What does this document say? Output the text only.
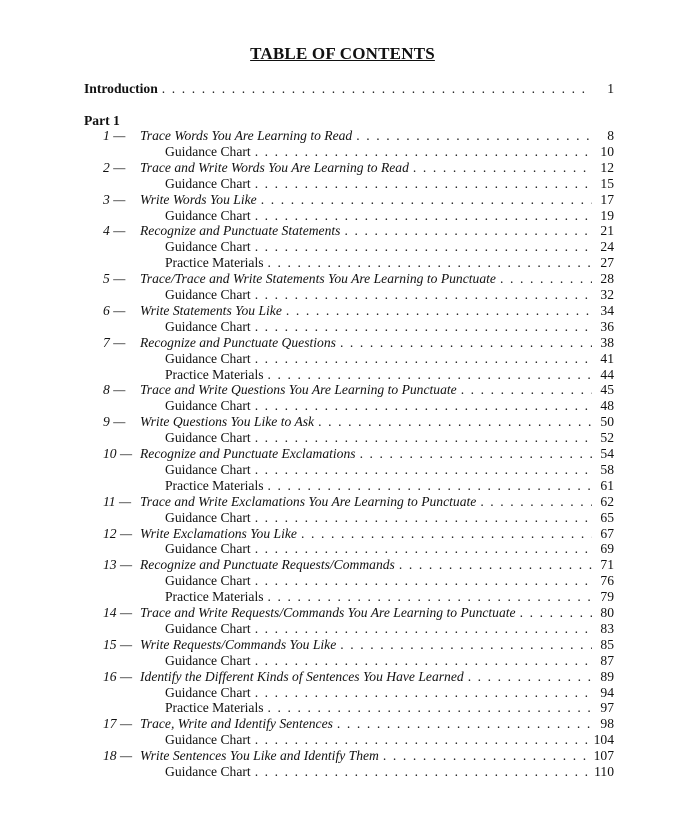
TABLE OF CONTENTS
Introduction . . .	1
Part 1
1 — Trace Words You Are Learning to Read . . .	8
Guidance Chart . . .	10
2 — Trace and Write Words You Are Learning to Read . . .	12
Guidance Chart . . .	15
3 — Write Words You Like . . .	17
Guidance Chart . . .	19
4 — Recognize and Punctuate Statements . . .	21
Guidance Chart . . .	24
Practice Materials . . .	27
5 — Trace/Trace and Write Statements You Are Learning to Punctuate . . .	28
Guidance Chart . . .	32
6 — Write Statements You Like . . .	34
Guidance Chart . . .	36
7 — Recognize and Punctuate Questions . . .	38
Guidance Chart . . .	41
Practice Materials . . .	44
8 — Trace and Write Questions You Are Learning to Punctuate . . .	45
Guidance Chart . . .	48
9 — Write Questions You Like to Ask . . .	50
Guidance Chart . . .	52
10 — Recognize and Punctuate Exclamations . . .	54
Guidance Chart . . .	58
Practice Materials . . .	61
11 — Trace and Write Exclamations You Are Learning to Punctuate . . .	62
Guidance Chart . . .	65
12 — Write Exclamations You Like . . .	67
Guidance Chart . . .	69
13 — Recognize and Punctuate Requests/Commands . . .	71
Guidance Chart . . .	76
Practice Materials . . .	79
14 — Trace and Write Requests/Commands You Are Learning to Punctuate . . .	80
Guidance Chart . . .	83
15 — Write Requests/Commands You Like . . .	85
Guidance Chart . . .	87
16 — Identify the Different Kinds of Sentences You Have Learned . . .	89
Guidance Chart . . .	94
Practice Materials . . .	97
17 — Trace, Write and Identify Sentences . . .	98
Guidance Chart . . .	104
18 — Write Sentences You Like and Identify Them . . .	107
Guidance Chart . . .	110
